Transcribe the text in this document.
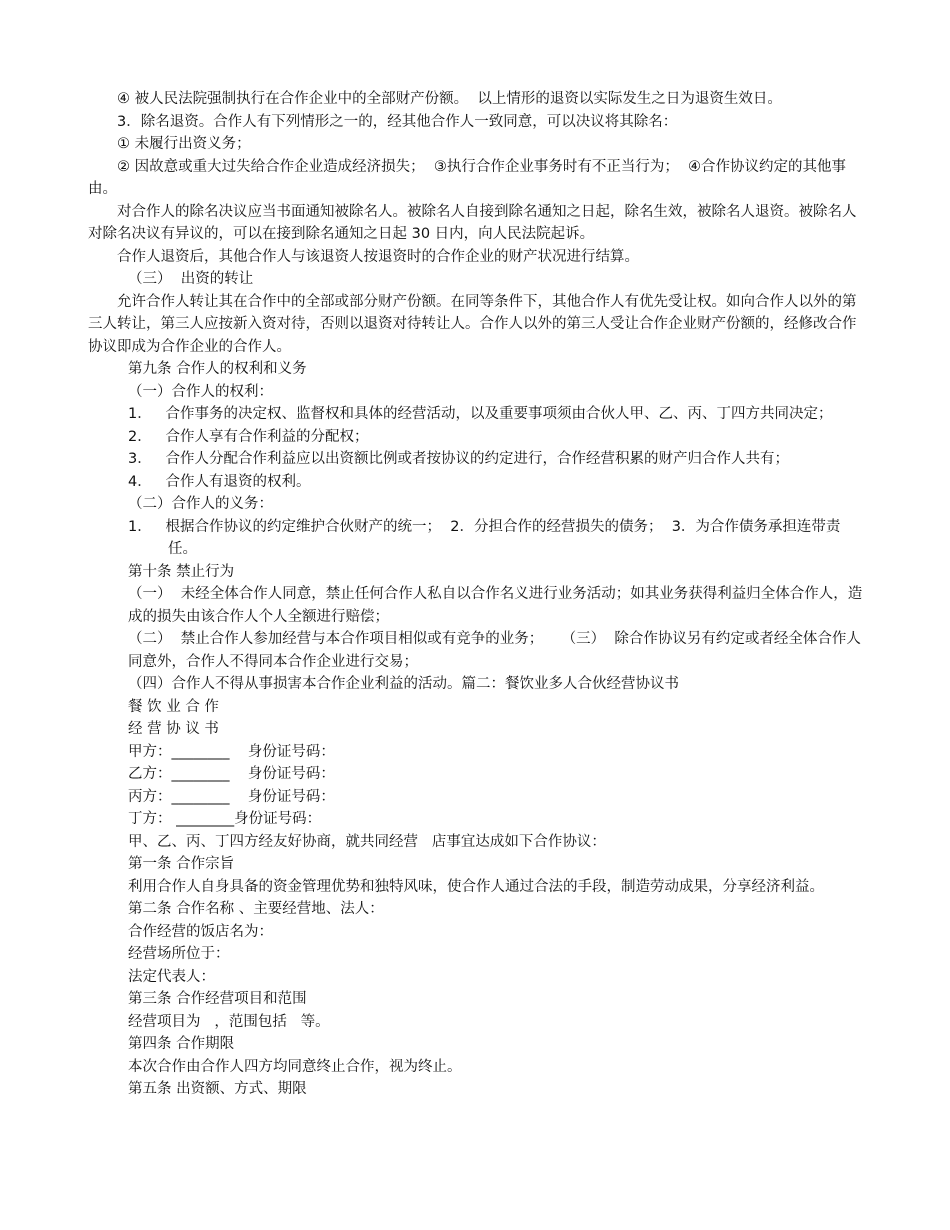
④ 被人民法院强制执行在合作企业中的全部财产份额。  以上情形的退资以实际发生之日为退资生效日。

3．除名退资。合作人有下列情形之一的，经其他合作人一致同意，可以决议将其除名：

① 未履行出资义务；

② 因故意或重大过失给合作企业造成经济损失；  ③执行合作企业事务时有不正当行为；  ④合作协议约定的其他事由。

对合作人的除名决议应当书面通知被除名人。被除名人自接到除名通知之日起，除名生效，被除名人退资。被除名人对除名决议有异议的，可以在接到除名通知之日起 30 日内，向人民法院起诉。

合作人退资后，其他合作人与该退资人按退资时的合作企业的财产状况进行结算。

（三）  出资的转让

允许合作人转让其在合作中的全部或部分财产份额。在同等条件下，其他合作人有优先受让权。如向合作人以外的第三人转让，第三人应按新入资对待，否则以退资对待转让人。合作人以外的第三人受让合作企业财产份额的，经修改合作协议即成为合作企业的合作人。

第九条 合作人的权利和义务

（一）合作人的权利：

1．   合作事务的决定权、监督权和具体的经营活动，以及重要事项须由合伙人甲、乙、丙、丁四方共同决定；

2．   合作人享有合作利益的分配权；

3．   合作人分配合作利益应以出资额比例或者按协议的约定进行，合作经营积累的财产归合作人共有；

4．   合作人有退资的权利。

（二）合作人的义务：

1．   根据合作协议的约定维护合伙财产的统一；  2．分担合作的经营损失的债务；  3．为合作债务承担连带责任。

第十条 禁止行为

（一）  未经全体合作人同意，禁止任何合作人私自以合作名义进行业务活动；如其业务获得利益归全体合作人，造成的损失由该合作人个人全额进行赔偿；

（二）  禁止合作人参加经营与本合作项目相似或有竞争的业务；    （三）  除合作协议另有约定或者经全体合作人同意外，合作人不得同本合作企业进行交易；

（四）合作人不得从事损害本合作企业利益的活动。篇二：餐饮业多人合伙经营协议书

餐 饮 业 合 作

经 营 协 议 书

甲方：________    身份证号码：

乙方：________    身份证号码：

丙方：________    身份证号码：

丁方： ________身份证号码：

甲、乙、丙、丁四方经友好协商，就共同经营   店事宜达成如下合作协议：

第一条 合作宗旨

利用合作人自身具备的资金管理优势和独特风味，使合作人通过合法的手段，制造劳动成果，分享经济利益。

第二条 合作名称 、主要经营地、法人：

合作经营的饭店名为：

经营场所位于：

法定代表人：

第三条 合作经营项目和范围

经营项目为   ，范围包括   等。

第四条 合作期限

本次合作由合作人四方均同意终止合作，视为终止。

第五条 出资额、方式、期限
